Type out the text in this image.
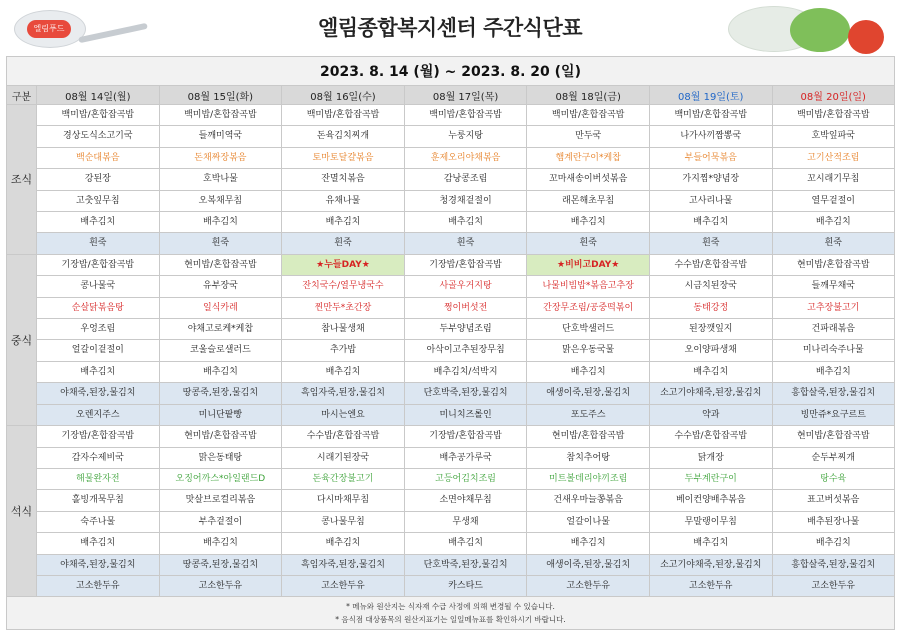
엘림푸드	엘림종합복지센터 주간식단표
2023. 8. 14 (월) ~ 2023. 8. 20 (일)							
구분	08월 14일(월)	08월 15일(화)	08월 16일(수)	08월 17일(목)	08월 18일(금)	08월 19일(토)	08월 20일(일)
조식	백미밥/혼합잡곡밥	백미밥/혼합잡곡밥	백미밥/혼합잡곡밥	백미밥/혼합잡곡밥	백미밥/혼합잡곡밥	백미밥/혼합잡곡밥	백미밥/혼합잡곡밥
	경상도식소고기국	들깨미역국	돈육김치찌개	누룽지탕	만두국	나가사끼짬뽕국	호박잎파국
	백순대볶음	돈채짜장볶음	토마토달걀볶음	훈제오리야채볶음	햄계란구이*케찹	부들어묵볶음	고기산적조림
	강된장	호박나물	잔멸치볶음	감낭콩조림	꼬마새송이버섯볶음	가지찜*양념장	꼬시래기무침
	고춧잎무침	오복채무침	유채나물	청경채겉절이	래몬해초무침	고사리나물	열무겉절이
	배추김치	배추김치	배추김치	배추김치	배추김치	배추김치	배추김치
	흰죽	흰죽	흰죽	흰죽	흰죽	흰죽	흰죽
중식	기장밥/혼합잡곡밥	현미밥/혼합잡곡밥	★누들DAY★	기장밥/혼합잡곡밥	★비비고DAY★	수수밥/혼합잡곡밥	현미밥/혼합잡곡밥
	콩나물국	유부장국	잔치국수/열무냉국수	사골우거지탕	나물비빔밥*볶음고추장	시금치된장국	들깨무채국
	순살닭볶음탕	일식카레	찐만두*초간장	쩡이버섯전	간장무조림/공중떡볶이	동태강정	고추장불고기
	우엉조림	야채고로케*케찹	참나물생채	두부양념조림	단호박샐러드	된장깻잎지	건파래볶음
	얼갈이겉절이	코울슬로샐러드	추가밥	아삭이고추된장무침	맑은우동국물	오이양파생채	미나리숙주나물
	배추김치	배추김치	배추김치	배추김치/석박지	배추김치	배추김치	배추김치
	야채죽,된장,물김치	땅콩죽,된장,물김치	흑임자죽,된장,물김치	단호박죽,된장,물김치	애생이죽,된장,물김치	소고기야채죽,된장,물김치	흥합살죽,된장,물김치
	오렌지주스	미니단팥빵	마시는엔요	미니치즈롤인	포도주스	약과	빙만쥬*요구르트
석식	기장밥/혼합잡곡밥	현미밥/혼합잡곡밥	수수밥/혼합잡곡밥	기장밥/혼합잡곡밥	현미밥/혼합잡곡밥	수수밥/혼합잡곡밥	현미밥/혼합잡곡밥
	감자수제비국	맑은동태탕	시래기된장국	배추공가루국	참치추어탕	닭개장	순두부찌개
	해물완자전	오징어까스*아일랜드D	돈육간장불고기	고등어김치조림	미트볼데리야끼조림	두부계란구이	탕수육
	홀빙개묵무침	맛살브로컬리볶음	다시마채무침	소면야채무침	건새우마늘쫑볶음	베이컨양배추볶음	표고버섯볶음
	숙주나물	부추겉절이	콩나물무침	무생채	얼갈이나물	무말랭이무침	배추된장나물
	배추김치	배추김치	배추김치	배추김치	배추김치	배추김치	배추김치
	야채죽,된장,물김치	땅콩죽,된장,물김치	흑임자죽,된장,물김치	단호박죽,된장,물김치	애생이죽,된장,물김치	소고기야채죽,된장,물김치	흥합살죽,된장,물김치
	고소한두유	고소한두유	고소한두유	카스타드	고소한두유	고소한두유	고소한두유

* 메뉴와 원산지는 식자재 수급 사정에 의해 변경될 수 있습니다.
* 음식점 대상품목의 원산지표기는 일일메뉴표를 확인하시기 바랍니다.							
